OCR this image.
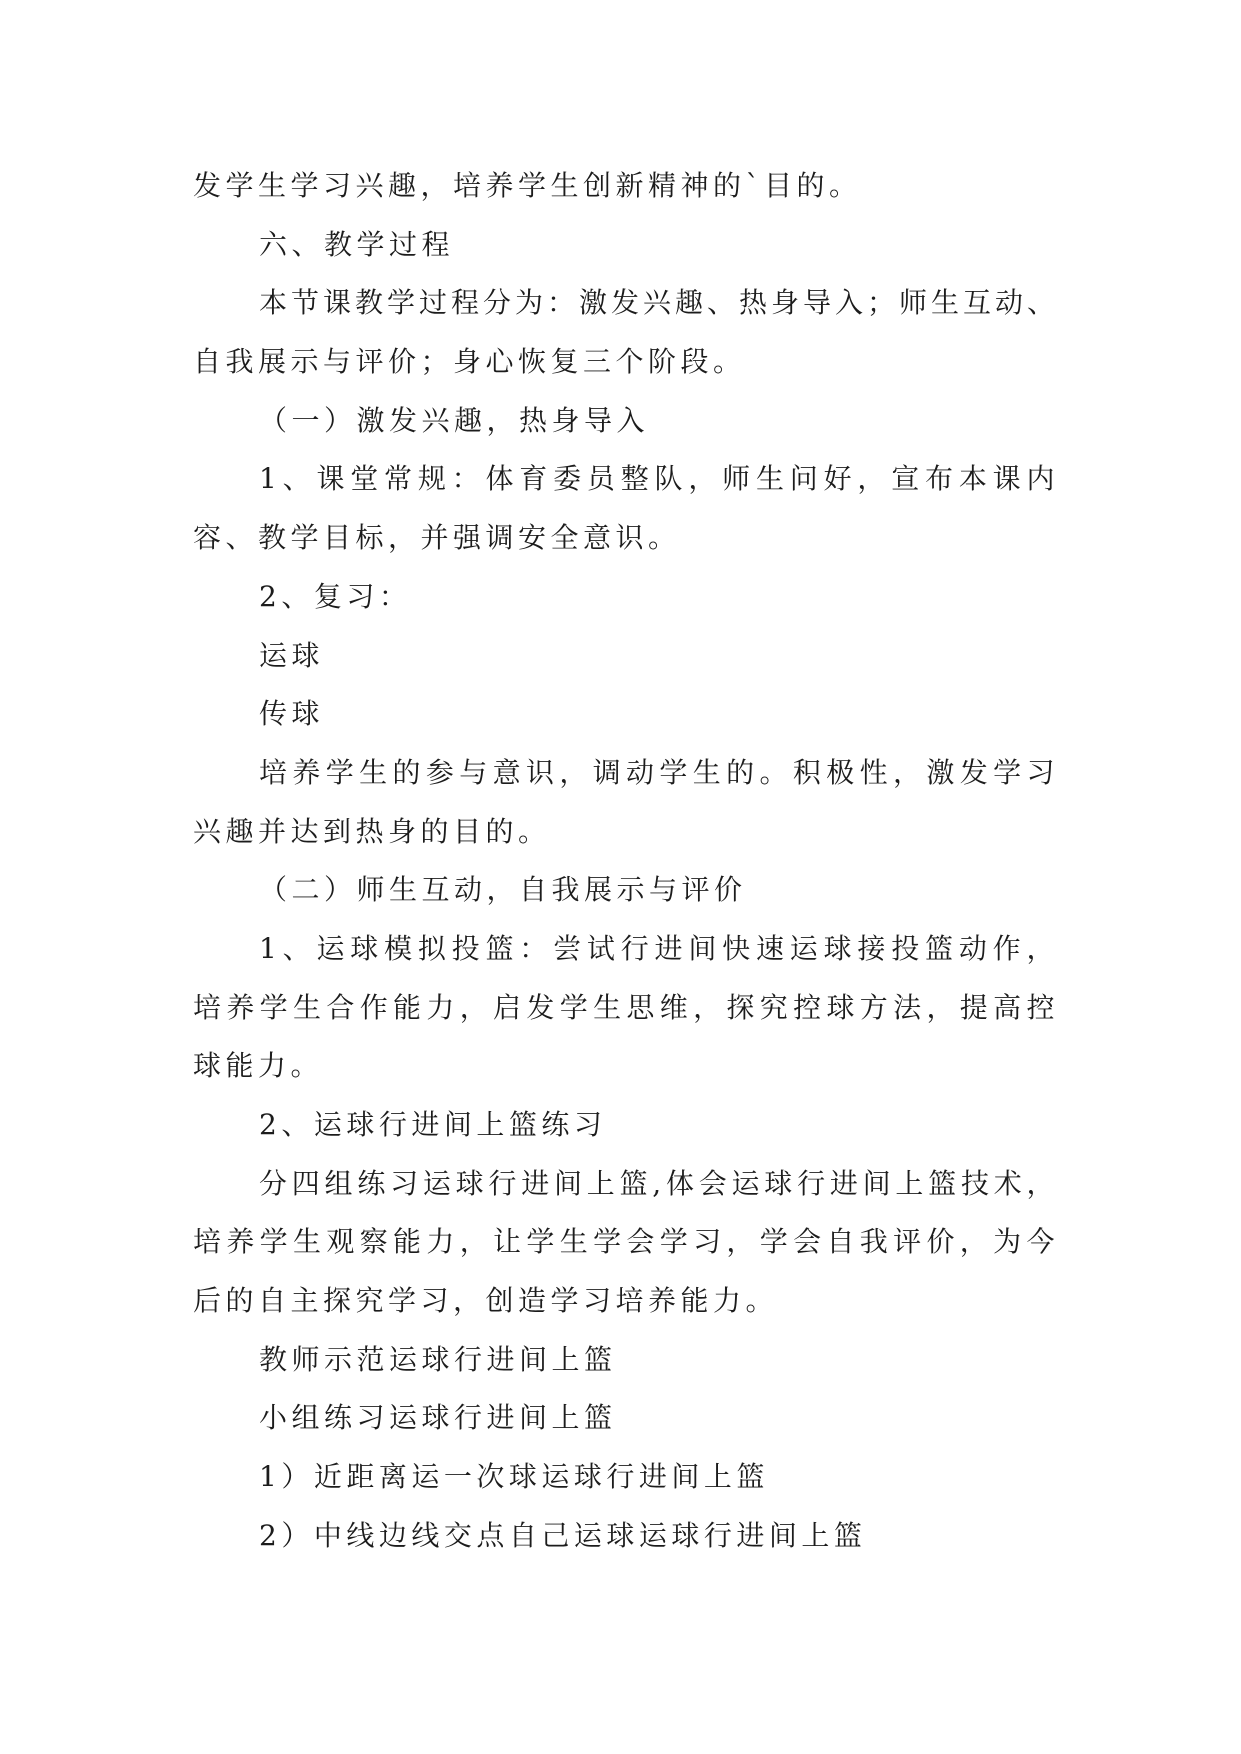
发学生学习兴趣，培养学生创新精神的`目的。
六、教学过程
本节课教学过程分为：激发兴趣、热身导入；师生互动、
自我展示与评价；身心恢复三个阶段。
（一）激发兴趣，热身导入
1、课堂常规：体育委员整队，师生问好，宣布本课内
容、教学目标，并强调安全意识。
2、复习：
运球
传球
培养学生的参与意识，调动学生的。积极性，激发学习
兴趣并达到热身的目的。
（二）师生互动，自我展示与评价
1、运球模拟投篮：尝试行进间快速运球接投篮动作，
培养学生合作能力，启发学生思维，探究控球方法，提高控
球能力。
2、运球行进间上篮练习
分四组练习运球行进间上篮,体会运球行进间上篮技术，
培养学生观察能力，让学生学会学习，学会自我评价，为今
后的自主探究学习，创造学习培养能力。
教师示范运球行进间上篮
小组练习运球行进间上篮
1）近距离运一次球运球行进间上篮
2）中线边线交点自己运球运球行进间上篮
